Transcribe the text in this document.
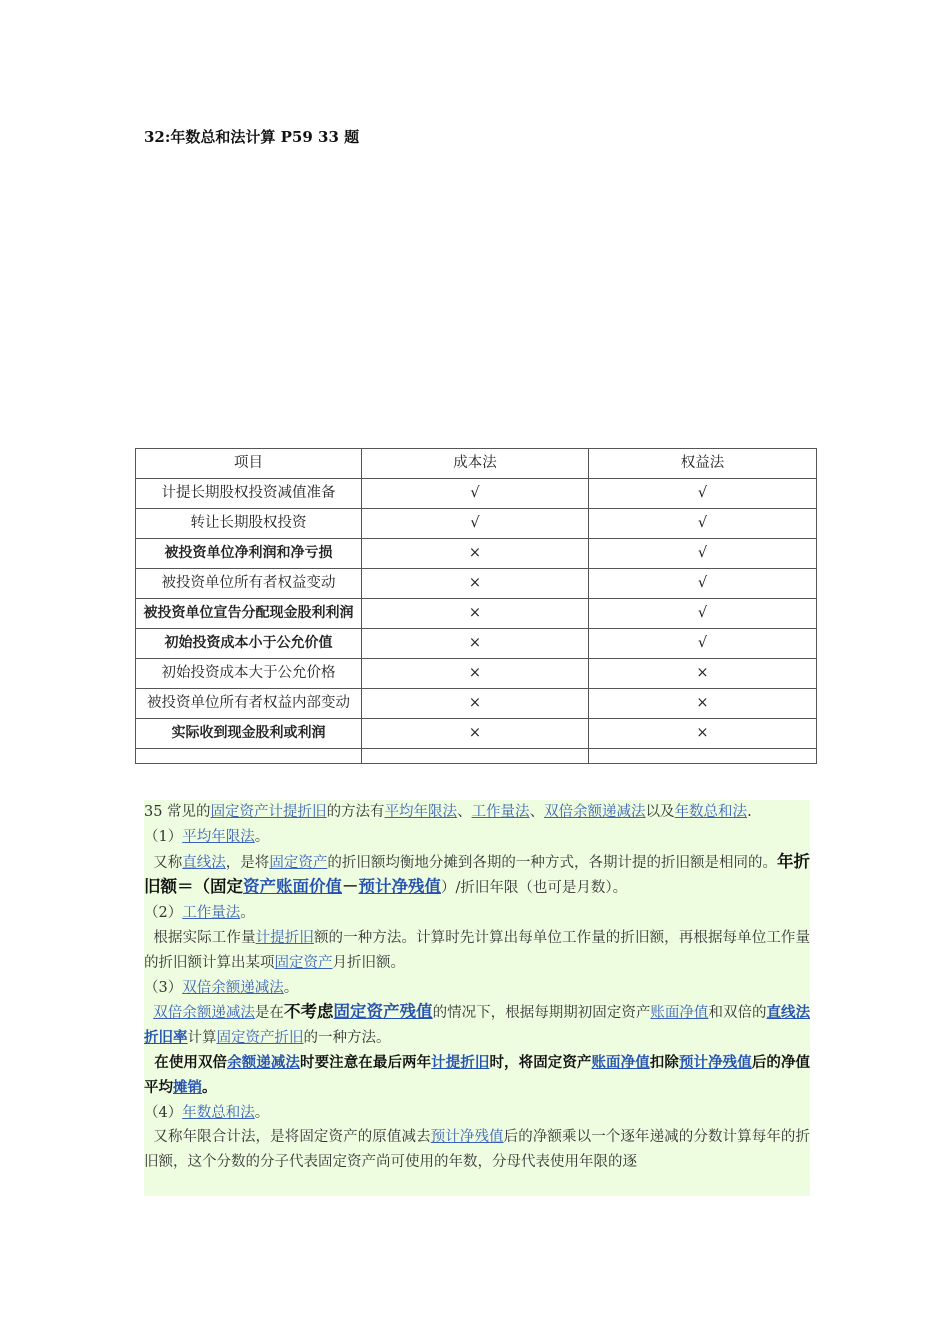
32:年数总和法计算 P59 33 题
项目	成本法	权益法
计提长期股权投资减值准备	√	√
转让长期股权投资	√	√
被投资单位净利润和净亏损	×	√
被投资单位所有者权益变动	×	√
被投资单位宣告分配现金股利利润	×	√
初始投资成本小于公允价值	×	√
初始投资成本大于公允价格	×	×
被投资单位所有者权益内部变动	×	×
实际收到现金股利或利润	×	×

35 常见的固定资产计提折旧的方法有平均年限法、工作量法、双倍余额递减法以及年数总和法.

（1）平均年限法。

又称直线法，是将固定资产的折旧额均衡地分摊到各期的一种方式，各期计提的折旧额是相同的。年折旧额＝（固定资产账面价值－预计净残值）/折旧年限（也可是月数）。

（2）工作量法。

根据实际工作量计提折旧额的一种方法。计算时先计算出每单位工作量的折旧额，再根据每单位工作量的折旧额计算出某项固定资产月折旧额。

（3）双倍余额递减法。

双倍余额递减法是在不考虑固定资产残值的情况下，根据每期期初固定资产账面净值和双倍的直线法折旧率计算固定资产折旧的一种方法。

在使用双倍余额递减法时要注意在最后两年计提折旧时，将固定资产账面净值扣除预计净残值后的净值平均摊销。

（4）年数总和法。

又称年限合计法，是将固定资产的原值减去预计净残值后的净额乘以一个逐年递减的分数计算每年的折旧额，这个分数的分子代表固定资产尚可使用的年数，分母代表使用年限的逐
